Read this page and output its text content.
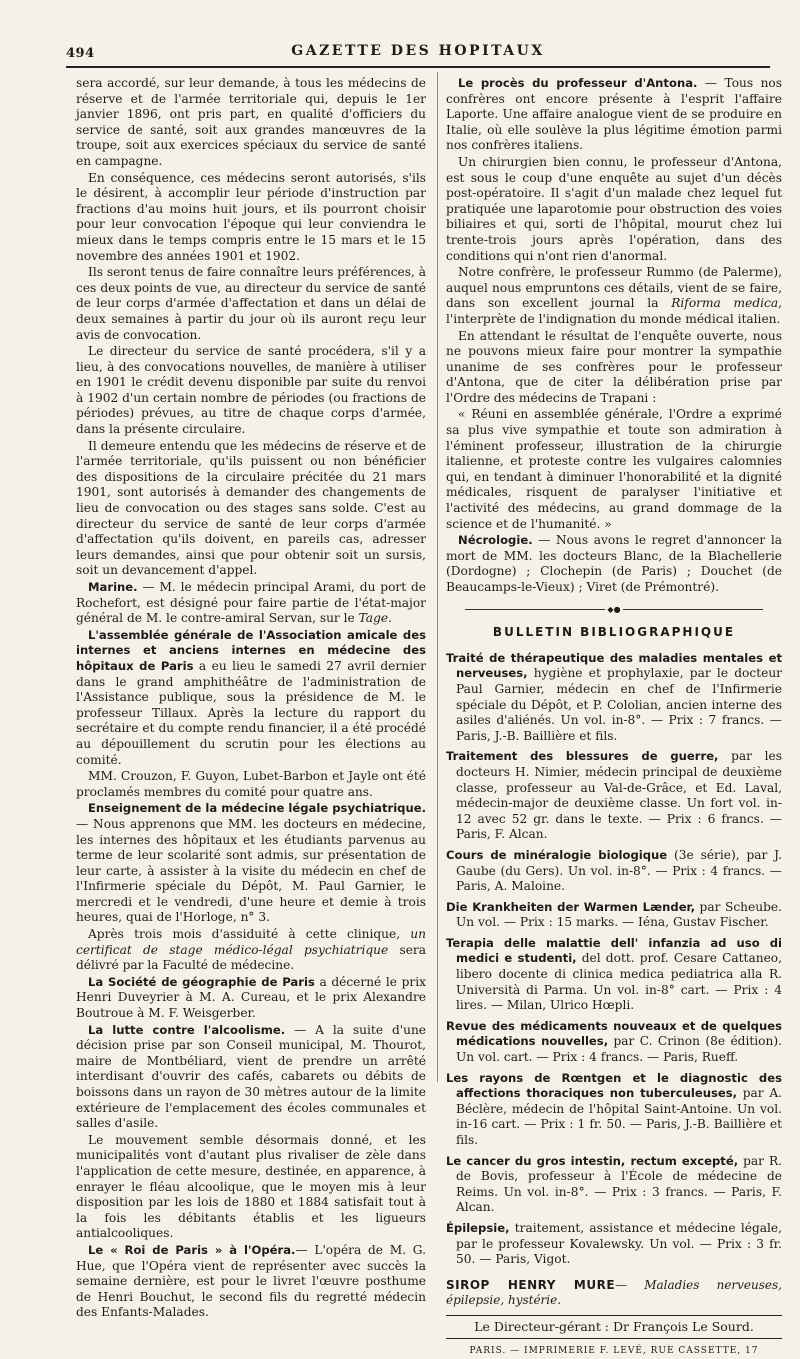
494	GAZETTE DES HOPITAUX

sera accordé, sur leur demande, à tous les médecins de réserve et de l'armée territoriale qui, depuis le 1er janvier 1896, ont pris part, en qualité d'officiers du service de santé, soit aux grandes manœuvres de la troupe, soit aux exercices spéciaux du service de santé en campagne.

En conséquence, ces médecins seront autorisés, s'ils le désirent, à accomplir leur période d'instruction par fractions d'au moins huit jours, et ils pourront choisir pour leur convocation l'époque qui leur conviendra le mieux dans le temps compris entre le 15 mars et le 15 novembre des années 1901 et 1902.

Ils seront tenus de faire connaître leurs préférences, à ces deux points de vue, au directeur du service de santé de leur corps d'armée d'affectation et dans un délai de deux semaines à partir du jour où ils auront reçu leur avis de convocation.

Le directeur du service de santé procédera, s'il y a lieu, à des convocations nouvelles, de manière à utiliser en 1901 le crédit devenu disponible par suite du renvoi à 1902 d'un certain nombre de périodes (ou fractions de périodes) prévues, au titre de chaque corps d'armée, dans la présente circulaire.

Il demeure entendu que les médecins de réserve et de l'armée territoriale, qu'ils puissent ou non bénéficier des dispositions de la circulaire précitée du 21 mars 1901, sont autorisés à demander des changements de lieu de convocation ou des stages sans solde. C'est au directeur du service de santé de leur corps d'armée d'affectation qu'ils doivent, en pareils cas, adresser leurs demandes, ainsi que pour obtenir soit un sursis, soit un devancement d'appel.

Marine. — M. le médecin principal Arami, du port de Rochefort, est désigné pour faire partie de l'état-major général de M. le contre-amiral Servan, sur le Tage.

L'assemblée générale de l'Association amicale des internes et anciens internes en médecine des hôpitaux de Paris a eu lieu le samedi 27 avril dernier dans le grand amphithéâtre de l'administration de l'Assistance publique, sous la présidence de M. le professeur Tillaux. Après la lecture du rapport du secrétaire et du compte rendu financier, il a été procédé au dépouillement du scrutin pour les élections au comité.

MM. Crouzon, F. Guyon, Lubet-Barbon et Jayle ont été proclamés membres du comité pour quatre ans.

Enseignement de la médecine légale psychiatrique. — Nous apprenons que MM. les docteurs en médecine, les internes des hôpitaux et les étudiants parvenus au terme de leur scolarité sont admis, sur présentation de leur carte, à assister à la visite du médecin en chef de l'Infirmerie spéciale du Dépôt, M. Paul Garnier, le mercredi et le vendredi, d'une heure et demie à trois heures, quai de l'Horloge, n° 3.

Après trois mois d'assiduité à cette clinique, un certificat de stage médico-légal psychiatrique sera délivré par la Faculté de médecine.

La Société de géographie de Paris a décerné le prix Henri Duveyrier à M. A. Cureau, et le prix Alexandre Boutroue à M. F. Weisgerber.

La lutte contre l'alcoolisme. — A la suite d'une décision prise par son Conseil municipal, M. Thourot, maire de Montbéliard, vient de prendre un arrêté interdisant d'ouvrir des cafés, cabarets ou débits de boissons dans un rayon de 30 mètres autour de la limite extérieure de l'emplacement des écoles communales et salles d'asile.

Le mouvement semble désormais donné, et les municipalités vont d'autant plus rivaliser de zèle dans l'application de cette mesure, destinée, en apparence, à enrayer le fléau alcoolique, que le moyen mis à leur disposition par les lois de 1880 et 1884 satisfait tout à la fois les débitants établis et les ligueurs antialcooliques.

Le « Roi de Paris » à l'Opéra.— L'opéra de M. G. Hue, que l'Opéra vient de représenter avec succès la semaine dernière, est pour le livret l'œuvre posthume de Henri Bouchut, le second fils du regretté médecin des Enfants-Malades.

Le procès du professeur d'Antona. — Tous nos confrères ont encore présente à l'esprit l'affaire Laporte. Une affaire analogue vient de se produire en Italie, où elle soulève la plus légitime émotion parmi nos confrères italiens.

Un chirurgien bien connu, le professeur d'Antona, est sous le coup d'une enquête au sujet d'un décès post-opératoire. Il s'agit d'un malade chez lequel fut pratiquée une laparotomie pour obstruction des voies biliaires et qui, sorti de l'hôpital, mourut chez lui trente-trois jours après l'opération, dans des conditions qui n'ont rien d'anormal.

Notre confrère, le professeur Rummo (de Palerme), auquel nous empruntons ces détails, vient de se faire, dans son excellent journal la Riforma medica, l'interprète de l'indignation du monde médical italien.

En attendant le résultat de l'enquête ouverte, nous ne pouvons mieux faire pour montrer la sympathie unanime de ses confrères pour le professeur d'Antona, que de citer la délibération prise par l'Ordre des médecins de Trapani :

« Réuni en assemblée générale, l'Ordre a exprimé sa plus vive sympathie et toute son admiration à l'éminent professeur, illustration de la chirurgie italienne, et proteste contre les vulgaires calomnies qui, en tendant à diminuer l'honorabilité et la dignité médicales, risquent de paralyser l'initiative et l'activité des médecins, au grand dommage de la science et de l'humanité. »

Nécrologie. — Nous avons le regret d'annoncer la mort de MM. les docteurs Blanc, de la Blachellerie (Dordogne) ; Clochepin (de Paris) ; Douchet (de Beaucamps-le-Vieux) ; Viret (de Prémontré).

◆●
BULLETIN BIBLIOGRAPHIQUE

Traité de thérapeutique des maladies mentales et nerveuses, hygiène et prophylaxie, par le docteur Paul Garnier, médecin en chef de l'Infirmerie spéciale du Dépôt, et P. Cololian, ancien interne des asiles d'aliénés. Un vol. in-8°. — Prix : 7 francs. — Paris, J.-B. Baillière et fils.

Traitement des blessures de guerre, par les docteurs H. Nimier, médecin principal de deuxième classe, professeur au Val-de-Grâce, et Ed. Laval, médecin-major de deuxième classe. Un fort vol. in-12 avec 52 gr. dans le texte. — Prix : 6 francs. — Paris, F. Alcan.

Cours de minéralogie biologique (3e série), par J. Gaube (du Gers). Un vol. in-8°. — Prix : 4 francs. — Paris, A. Maloine.

Die Krankheiten der Warmen Lænder, par Scheube. Un vol. — Prix : 15 marks. — Iéna, Gustav Fischer.

Terapia delle malattie dell' infanzia ad uso di medici e studenti, del dott. prof. Cesare Cattaneo, libero docente di clinica medica pediatrica alla R. Università di Parma. Un vol. in-8° cart. — Prix : 4 lires. — Milan, Ulrico Hœpli.

Revue des médicaments nouveaux et de quelques médications nouvelles, par C. Crinon (8e édition). Un vol. cart. — Prix : 4 francs. — Paris, Rueff.

Les rayons de Rœntgen et le diagnostic des affections thoraciques non tuberculeuses, par A. Béclère, médecin de l'hôpital Saint-Antoine. Un vol. in-16 cart. — Prix : 1 fr. 50. — Paris, J.-B. Baillière et fils.

Le cancer du gros intestin, rectum excepté, par R. de Bovis, professeur à l'École de médecine de Reims. Un vol. in-8°. — Prix : 3 francs. — Paris, F. Alcan.

Épilepsie, traitement, assistance et médecine légale, par le professeur Kovalewsky. Un vol. — Prix : 3 fr. 50. — Paris, Vigot.

SIROP HENRY MURE— Maladies nerveuses, épilepsie, hystérie.
Le Directeur-gérant : Dr François Le Sourd.
PARIS. — IMPRIMERIE F. LEVÉ, RUE CASSETTE, 17
